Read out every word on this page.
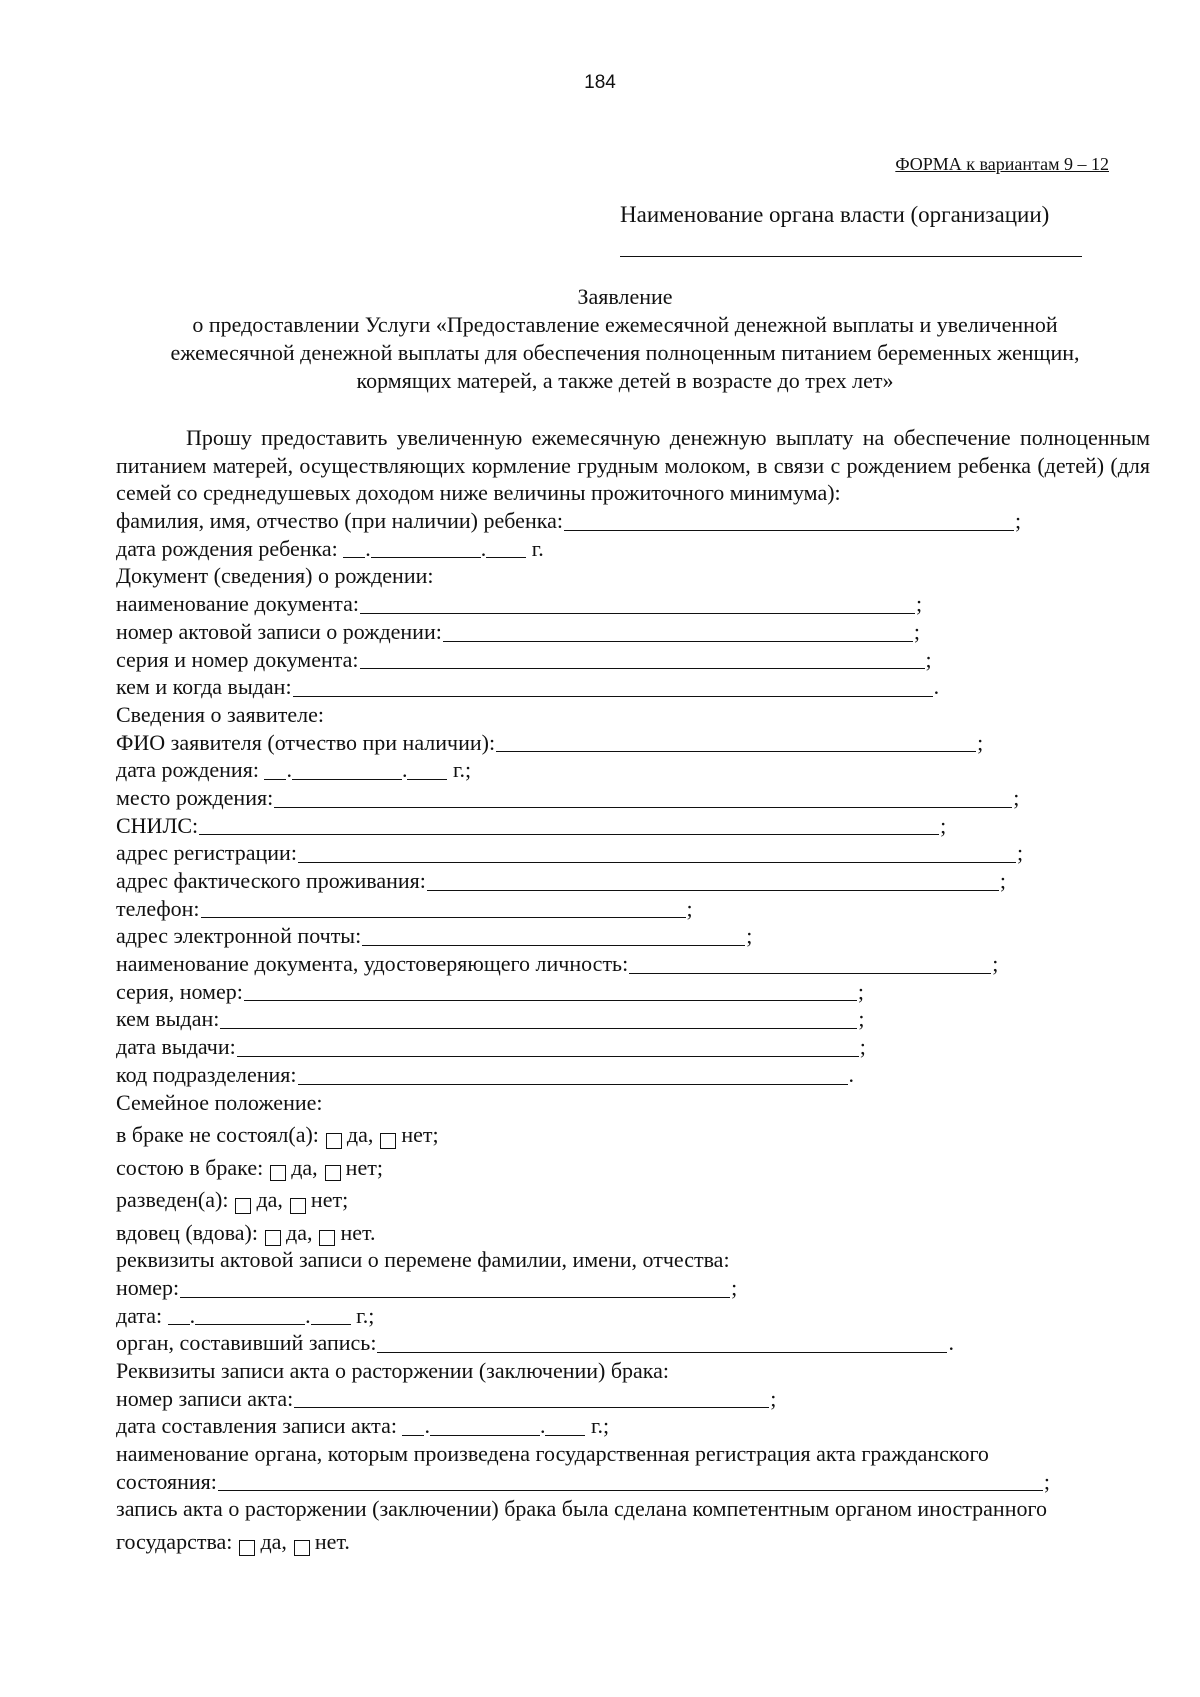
184
ФОРМА к вариантам 9 – 12
Наименование органа власти (организации)
Заявление
о предоставлении Услуги «Предоставление ежемесячной денежной выплаты и увеличенной
ежемесячной денежной выплаты для обеспечения полноценным питанием беременных женщин,
кормящих матерей, а также детей в возрасте до трех лет»

Прошу предоставить увеличенную ежемесячную денежную выплату на обеспечение полноценным питанием матерей, осуществляющих кормление грудным молоком, в связи с рождением ребенка (детей) (для семей со среднедушевых доходом ниже величины прожиточного минимума):

фамилия, имя, отчество (при наличии) ребенка:	;
дата рождения ребенка:
.	.
г.
Документ (сведения) о рождении:
наименование документа:	;
номер актовой записи о рождении:	;
серия и номер документа:	;
кем и когда выдан:	.
Сведения о заявителе:
ФИО заявителя (отчество при наличии):	;
дата рождения:
.	.
г.;
место рождения:	;
СНИЛС:	;
адрес регистрации:	;
адрес фактического проживания:	;
телефон:	;
адрес электронной почты:	;
наименование документа, удостоверяющего личность:	;
серия, номер:	;
кем выдан:	;
дата выдачи:	;
код подразделения:	.
Семейное положение:
в браке не состоял(а): да, нет;
состою в браке: да, нет;
разведен(а): да, нет;
вдовец (вдова): да, нет.
реквизиты актовой записи о перемене фамилии, имени, отчества:
номер:	;
дата:
.	.
г.;
орган, составивший запись:	.
Реквизиты записи акта о расторжении (заключении) брака:
номер записи акта:	;
дата составления записи акта:
.	.
г.;
наименование органа, которым произведена государственная регистрация акта гражданского
состояния:	;
запись акта о расторжении (заключении) брака была сделана компетентным органом иностранного
государства: да, нет.
